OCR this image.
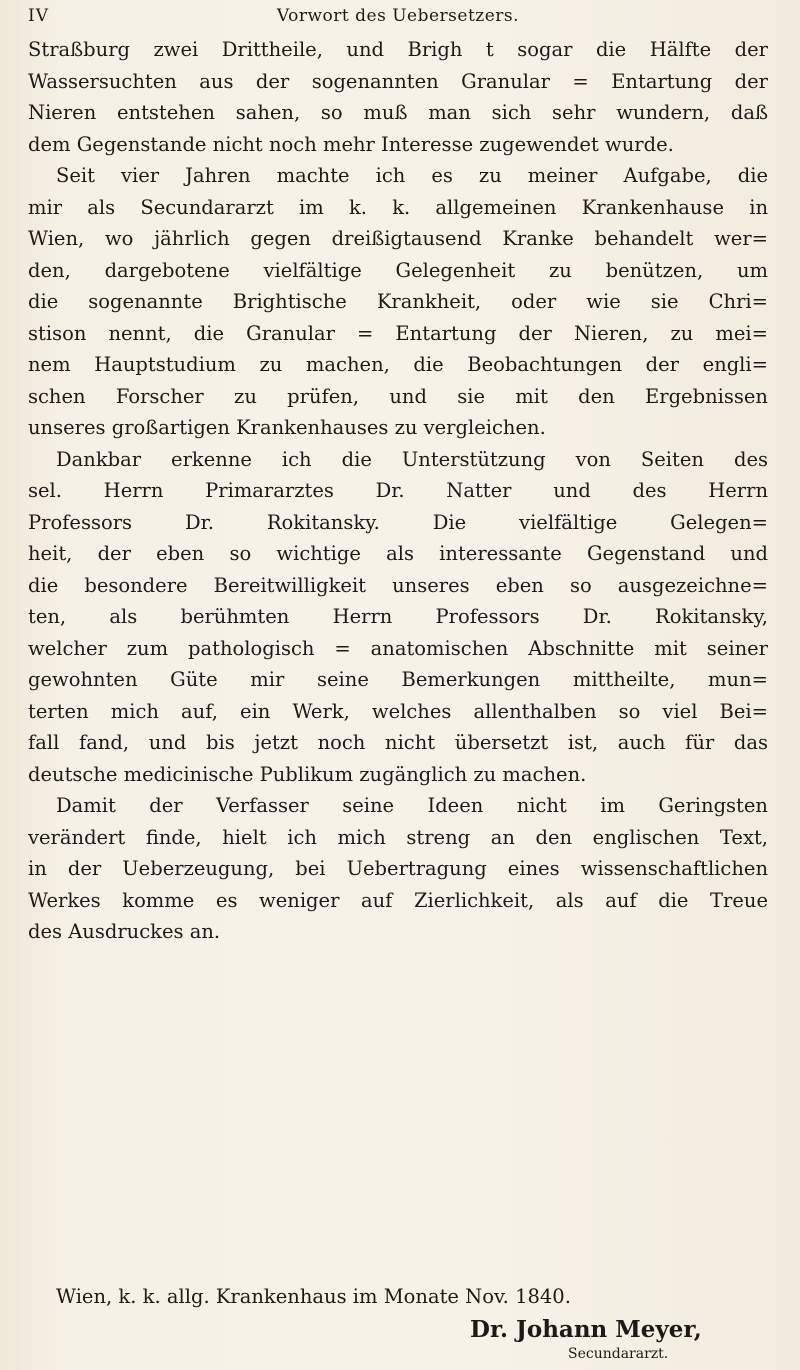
IV	Vorwort des Uebersetzers.
Straßburg zwei Drittheile, und Brigh t sogar die Hälfte der
Wassersuchten aus der sogenannten Granular = Entartung der
Nieren entstehen sahen, so muß man sich sehr wundern, daß
dem Gegenstande nicht noch mehr Interesse zugewendet wurde.
Seit vier Jahren machte ich es zu meiner Aufgabe, die
mir als Secundararzt im k. k. allgemeinen Krankenhause in
Wien, wo jährlich gegen dreißigtausend Kranke behandelt wer=
den, dargebotene vielfältige Gelegenheit zu benützen, um
die sogenannte Brightische Krankheit, oder wie sie Chri=
stison nennt, die Granular = Entartung der Nieren, zu mei=
nem Hauptstudium zu machen, die Beobachtungen der engli=
schen Forscher zu prüfen, und sie mit den Ergebnissen
unseres großartigen Krankenhauses zu vergleichen.
Dankbar erkenne ich die Unterstützung von Seiten des
sel. Herrn Primararztes Dr. Natter und des Herrn
Professors Dr. Rokitansky. Die vielfältige Gelegen=
heit, der eben so wichtige als interessante Gegenstand und
die besondere Bereitwilligkeit unseres eben so ausgezeichne=
ten, als berühmten Herrn Professors Dr. Rokitansky,
welcher zum pathologisch = anatomischen Abschnitte mit seiner
gewohnten Güte mir seine Bemerkungen mittheilte, mun=
terten mich auf, ein Werk, welches allenthalben so viel Bei=
fall fand, und bis jetzt noch nicht übersetzt ist, auch für das
deutsche medicinische Publikum zugänglich zu machen.
Damit der Verfasser seine Ideen nicht im Geringsten
verändert finde, hielt ich mich streng an den englischen Text,
in der Ueberzeugung, bei Uebertragung eines wissenschaftlichen
Werkes komme es weniger auf Zierlichkeit, als auf die Treue
des Ausdruckes an.
Wien, k. k. allg. Krankenhaus im Monate Nov. 1840.
Dr. Johann Meyer,
Secundararzt.
